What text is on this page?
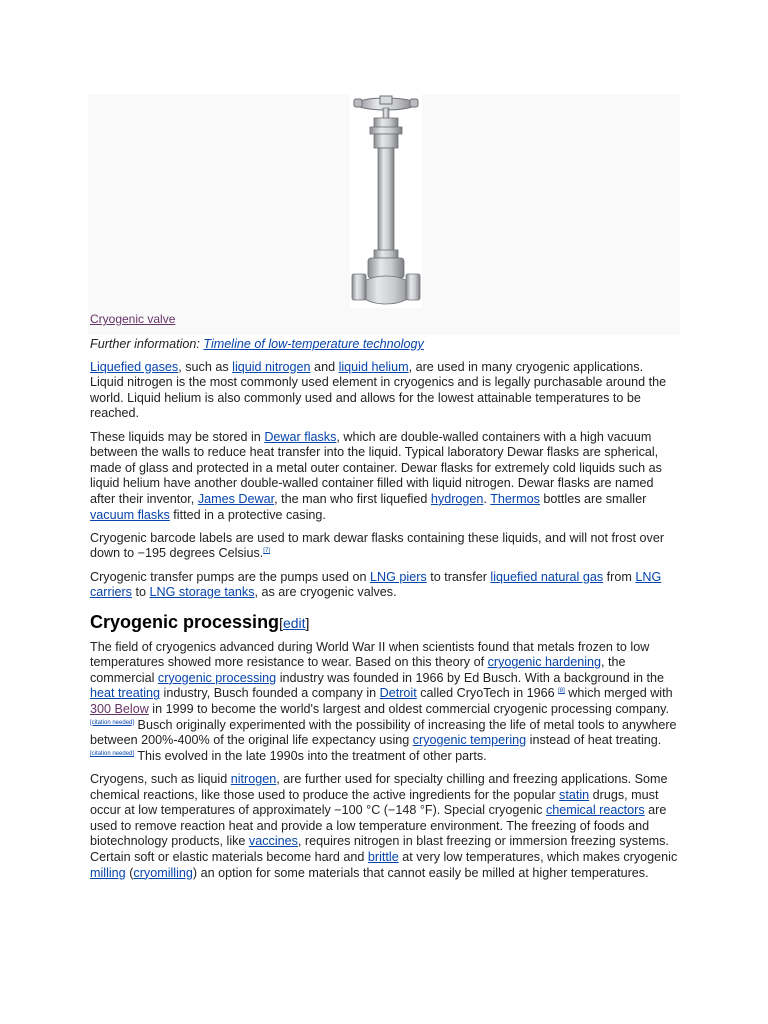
Cryogenic valve
Further information: Timeline of low-temperature technology

Liquefied gases, such as liquid nitrogen and liquid helium, are used in many cryogenic applications. Liquid nitrogen is the most commonly used element in cryogenics and is legally purchasable around the world. Liquid helium is also commonly used and allows for the lowest attainable temperatures to be reached.

These liquids may be stored in Dewar flasks, which are double-walled containers with a high vacuum between the walls to reduce heat transfer into the liquid. Typical laboratory Dewar flasks are spherical, made of glass and protected in a metal outer container. Dewar flasks for extremely cold liquids such as liquid helium have another double-walled container filled with liquid nitrogen. Dewar flasks are named after their inventor, James Dewar, the man who first liquefied hydrogen. Thermos bottles are smaller vacuum flasks fitted in a protective casing.

Cryogenic barcode labels are used to mark dewar flasks containing these liquids, and will not frost over down to −195 degrees Celsius.[7]

Cryogenic transfer pumps are the pumps used on LNG piers to transfer liquefied natural gas from LNG carriers to LNG storage tanks, as are cryogenic valves.

Cryogenic processing[edit]

The field of cryogenics advanced during World War II when scientists found that metals frozen to low temperatures showed more resistance to wear. Based on this theory of cryogenic hardening, the commercial cryogenic processing industry was founded in 1966 by Ed Busch. With a background in the heat treating industry, Busch founded a company in Detroit called CryoTech in 1966 [8] which merged with 300 Below in 1999 to become the world's largest and oldest commercial cryogenic processing company.[citation needed] Busch originally experimented with the possibility of increasing the life of metal tools to anywhere between 200%-400% of the original life expectancy using cryogenic tempering instead of heat treating.[citation needed] This evolved in the late 1990s into the treatment of other parts.

Cryogens, such as liquid nitrogen, are further used for specialty chilling and freezing applications. Some chemical reactions, like those used to produce the active ingredients for the popular statin drugs, must occur at low temperatures of approximately −100 °C (−148 °F). Special cryogenic chemical reactors are used to remove reaction heat and provide a low temperature environment. The freezing of foods and biotechnology products, like vaccines, requires nitrogen in blast freezing or immersion freezing systems. Certain soft or elastic materials become hard and brittle at very low temperatures, which makes cryogenic milling (cryomilling) an option for some materials that cannot easily be milled at higher temperatures.
